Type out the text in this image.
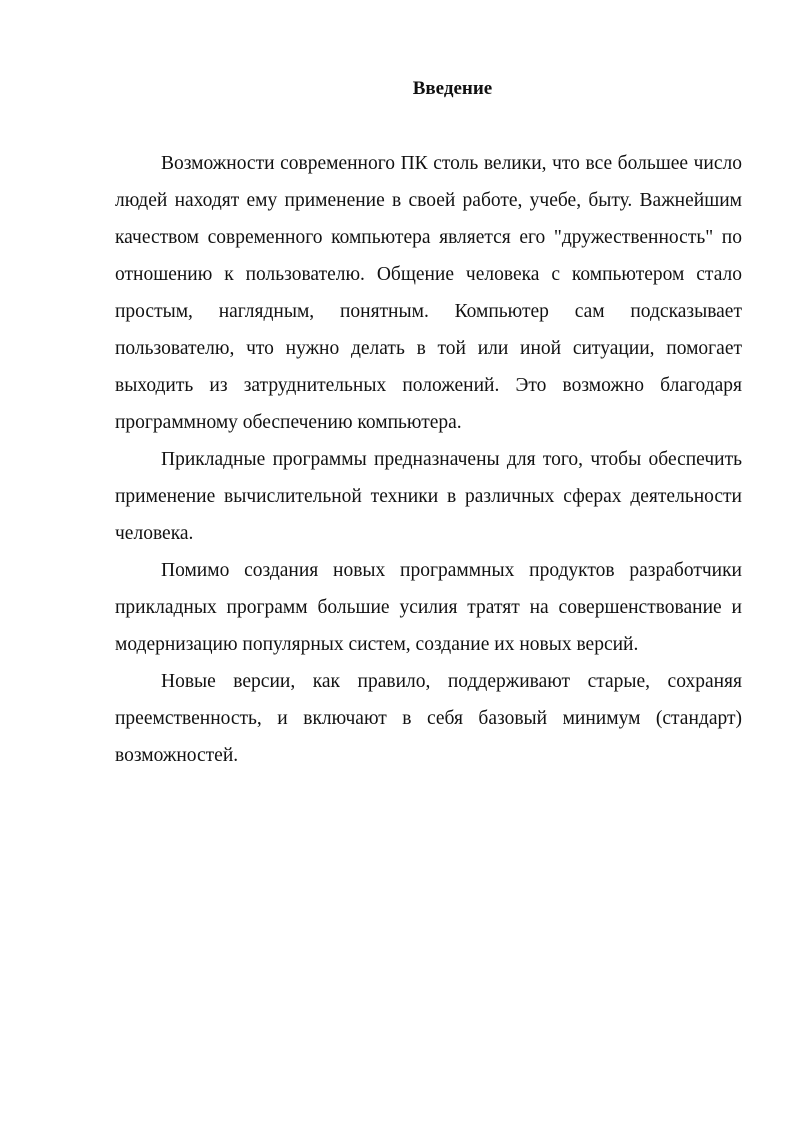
Введение

Возможности современного ПК столь велики, что все большее число людей находят ему применение в своей работе, учебе, быту. Важнейшим качеством современного компьютера является его "дружественность" по отношению к пользователю. Общение человека с компьютером стало простым, наглядным, понятным. Компьютер сам подсказывает пользователю, что нужно делать в той или иной ситуации, помогает выходить из затруднительных положений. Это возможно благодаря программному обеспечению компьютера.

Прикладные программы предназначены для того, чтобы обеспечить применение вычислительной техники в различных сферах деятельности человека.

Помимо создания новых программных продуктов разработчики прикладных программ большие усилия тратят на совершенствование и модернизацию популярных систем, создание их новых версий.

Новые версии, как правило, поддерживают старые, сохраняя преемственность, и включают в себя базовый минимум (стандарт) возможностей.
